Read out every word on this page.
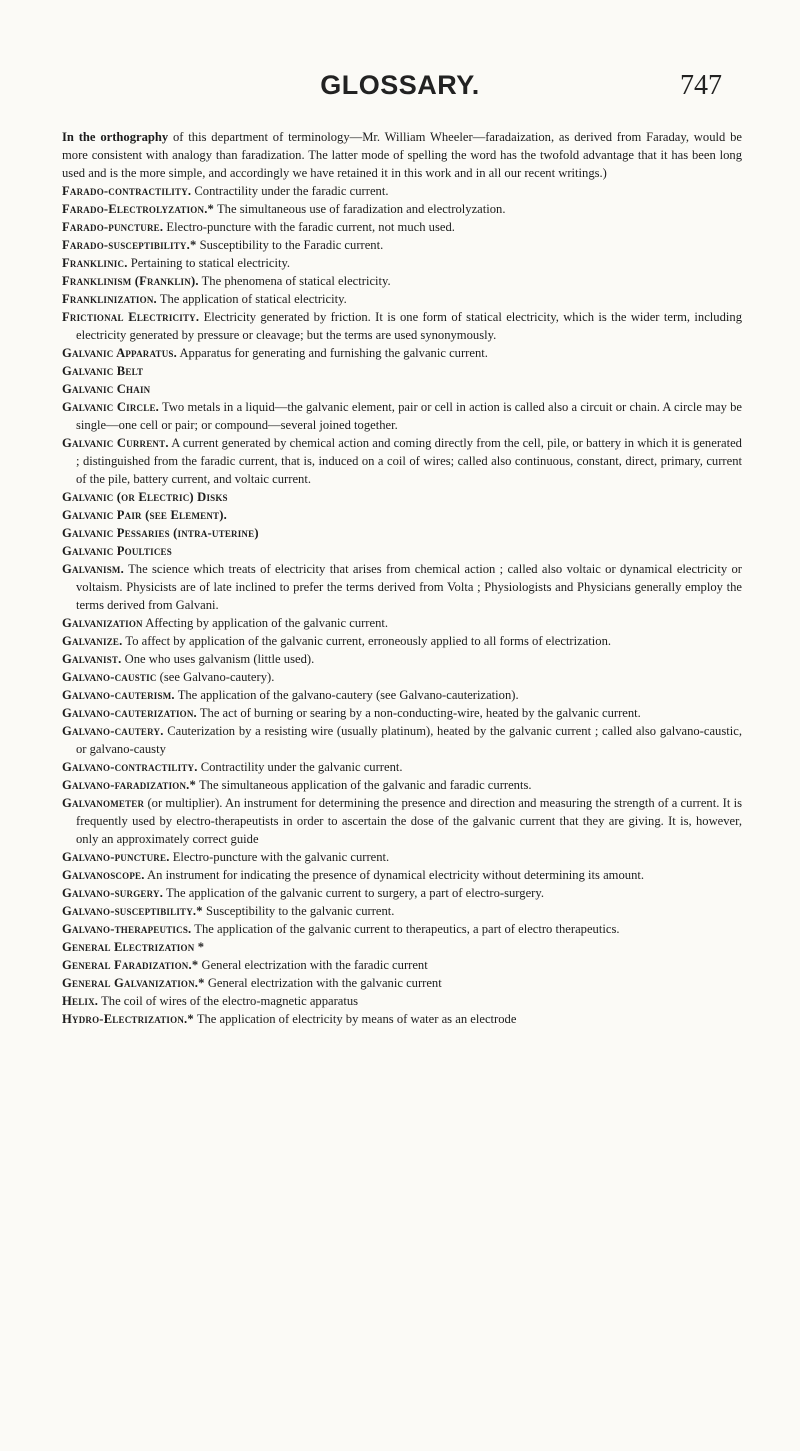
GLOSSARY.	747

In the orthography of this department of terminology—Mr. William Wheeler—faradaization, as derived from Faraday, would be more consistent with analogy than faradization. The latter mode of spelling the word has the twofold advantage that it has been long used and is the more simple, and accordingly we have retained it in this work and in all our recent writings.)

Farado-contractility. Contractility under the faradic current.

Farado-Electrolyzation.* The simultaneous use of faradization and electrolyzation.

Farado-puncture. Electro-puncture with the faradic current, not much used.

Farado-susceptibility.* Susceptibility to the Faradic current.

Franklinic. Pertaining to statical electricity.

Franklinism (Franklin). The phenomena of statical electricity.

Franklinization. The application of statical electricity.

Frictional Electricity. Electricity generated by friction. It is one form of statical electricity, which is the wider term, including electricity generated by pressure or cleavage; but the terms are used synonymously.

Galvanic Apparatus. Apparatus for generating and furnishing the galvanic current.

Galvanic Belt

Galvanic Chain

Galvanic Circle. Two metals in a liquid—the galvanic element, pair or cell in action is called also a circuit or chain. A circle may be single—one cell or pair; or compound—several joined together.

Galvanic Current. A current generated by chemical action and coming directly from the cell, pile, or battery in which it is generated ; distinguished from the faradic current, that is, induced on a coil of wires; called also continuous, constant, direct, primary, current of the pile, battery current, and voltaic current.

Galvanic (or Electric) Disks

Galvanic Pair (see Element).

Galvanic Pessaries (intra-uterine)

Galvanic Poultices

Galvanism. The science which treats of electricity that arises from chemical action ; called also voltaic or dynamical electricity or voltaism. Physicists are of late inclined to prefer the terms derived from Volta ; Physiologists and Physicians generally employ the terms derived from Galvani.

Galvanization Affecting by application of the galvanic current.

Galvanize. To affect by application of the galvanic current, erroneously applied to all forms of electrization.

Galvanist. One who uses galvanism (little used).

Galvano-caustic (see Galvano-cautery).

Galvano-cauterism. The application of the galvano-cautery (see Galvano-cauterization).

Galvano-cauterization. The act of burning or searing by a non-conducting-wire, heated by the galvanic current.

Galvano-cautery. Cauterization by a resisting wire (usually platinum), heated by the galvanic current ; called also galvano-caustic, or galvano-causty

Galvano-contractility. Contractility under the galvanic current.

Galvano-faradization.* The simultaneous application of the galvanic and faradic currents.

Galvanometer (or multiplier). An instrument for determining the presence and direction and measuring the strength of a current. It is frequently used by electro-therapeutists in order to ascertain the dose of the galvanic current that they are giving. It is, however, only an approximately correct guide

Galvano-puncture. Electro-puncture with the galvanic current.

Galvanoscope. An instrument for indicating the presence of dynamical electricity without determining its amount.

Galvano-surgery. The application of the galvanic current to surgery, a part of electro-surgery.

Galvano-susceptibility.* Susceptibility to the galvanic current.

Galvano-therapeutics. The application of the galvanic current to therapeutics, a part of electro therapeutics.

General Electrization *

General Faradization.* General electrization with the faradic current

General Galvanization.* General electrization with the galvanic current

Helix. The coil of wires of the electro-magnetic apparatus

Hydro-Electrization.* The application of electricity by means of water as an electrode
